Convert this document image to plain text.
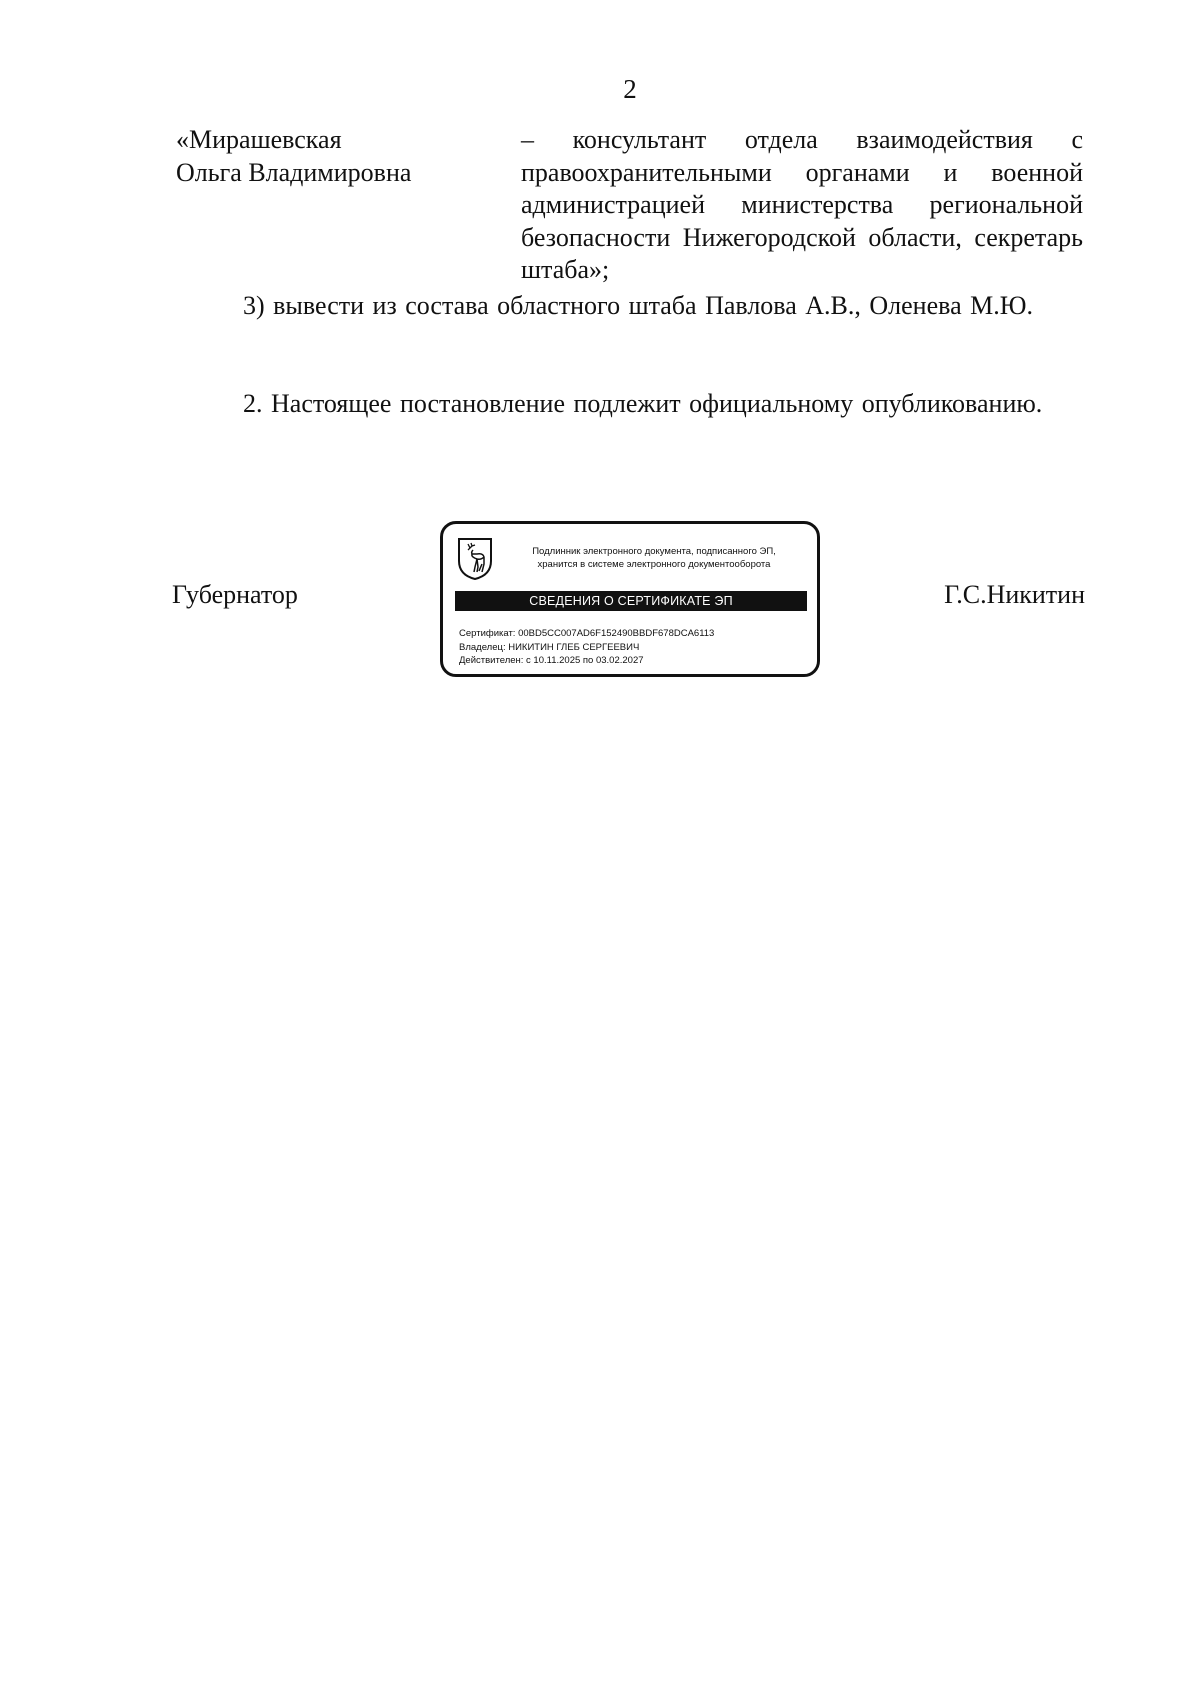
2
«Мирашевская
Ольга Владимировна
– консультант отдела взаимодействия с правоохранительными органами и военной администрацией министерства региональной безопасности Нижегородской области, секретарь штаба»;
3) вывести из состава областного штаба Павлова А.В., Оленева М.Ю.
2. Настоящее постановление подлежит официальному опубликованию.
Губернатор
Подлинник электронного документа, подписанного ЭП,
хранится в системе электронного документооборота
СВЕДЕНИЯ О СЕРТИФИКАТЕ ЭП
Сертификат: 00BD5CC007AD6F152490BBDF678DCA6113
Владелец: НИКИТИН ГЛЕБ СЕРГЕЕВИЧ
Действителен: с 10.11.2025 по 03.02.2027
Г.С.Никитин
